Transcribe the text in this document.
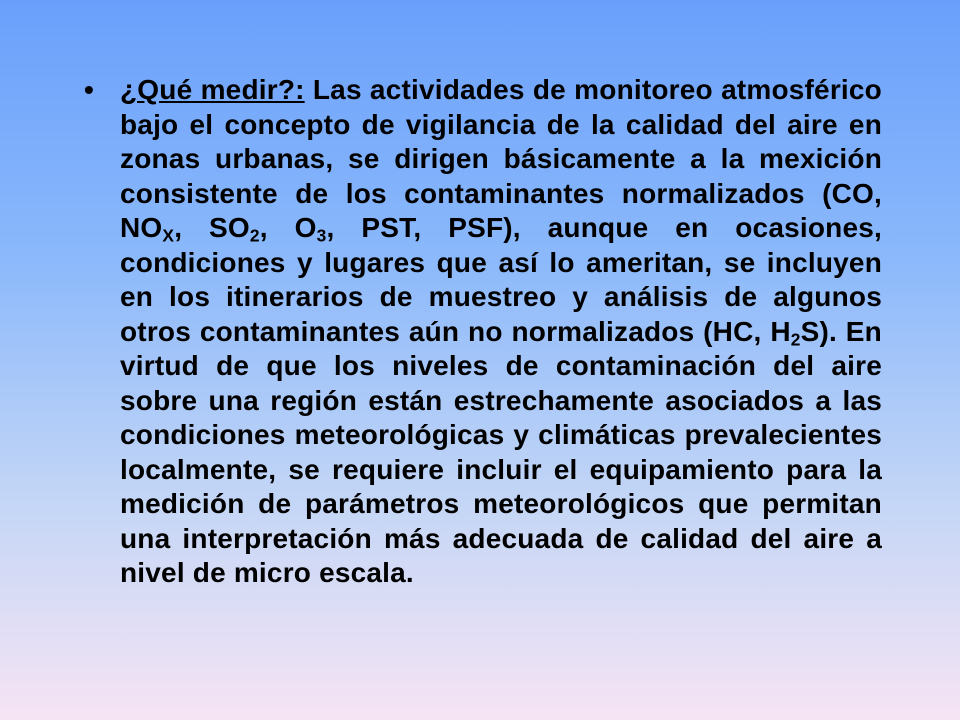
• ¿Qué medir?: Las actividades de monitoreo atmosférico bajo el concepto de vigilancia de la calidad del aire en zonas urbanas, se dirigen básicamente a la mexición consistente de los contaminantes normalizados (CO, $NO_X$, $SO_2$, $O_3$, PST, PSF), aunque en ocasiones, condiciones y lugares que así lo ameritan, se incluyen en los itinerarios de muestreo y análisis de algunos otros contaminantes aún no normalizados (HC, $H_2S$). En virtud de que los niveles de contaminación del aire sobre una región están estrechamente asociados a las condiciones meteorológicas y climáticas prevalecientes localmente, se requiere incluir el equipamiento para la medición de parámetros meteorológicos que permitan una interpretación más adecuada de calidad del aire a nivel de micro escala.
